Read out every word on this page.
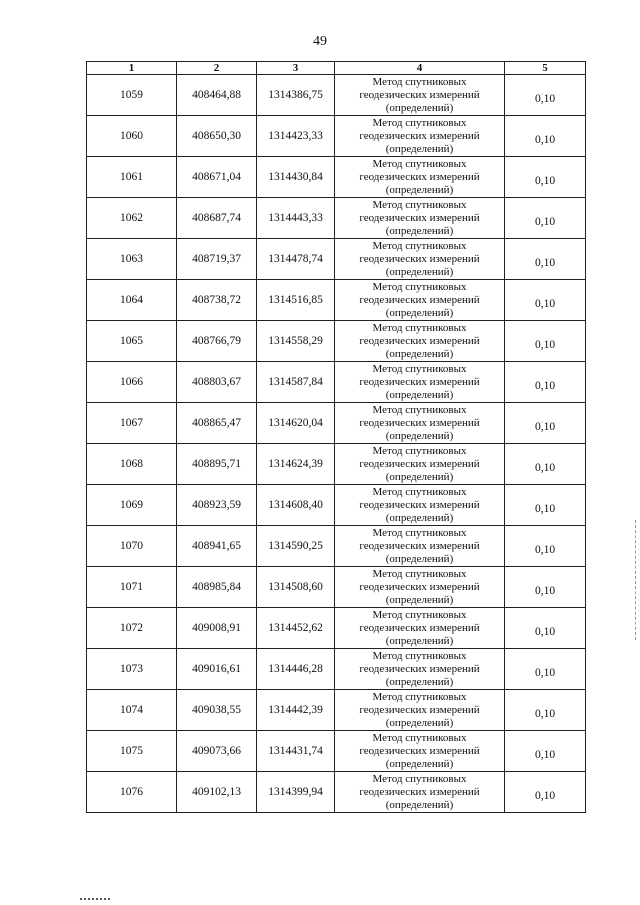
49
1	2	3	4	5
1059	408464,88	1314386,75	Метод спутниковых
геодезических измерений
(определений)	0,10
1060	408650,30	1314423,33	Метод спутниковых
геодезических измерений
(определений)	0,10
1061	408671,04	1314430,84	Метод спутниковых
геодезических измерений
(определений)	0,10
1062	408687,74	1314443,33	Метод спутниковых
геодезических измерений
(определений)	0,10
1063	408719,37	1314478,74	Метод спутниковых
геодезических измерений
(определений)	0,10
1064	408738,72	1314516,85	Метод спутниковых
геодезических измерений
(определений)	0,10
1065	408766,79	1314558,29	Метод спутниковых
геодезических измерений
(определений)	0,10
1066	408803,67	1314587,84	Метод спутниковых
геодезических измерений
(определений)	0,10
1067	408865,47	1314620,04	Метод спутниковых
геодезических измерений
(определений)	0,10
1068	408895,71	1314624,39	Метод спутниковых
геодезических измерений
(определений)	0,10
1069	408923,59	1314608,40	Метод спутниковых
геодезических измерений
(определений)	0,10
1070	408941,65	1314590,25	Метод спутниковых
геодезических измерений
(определений)	0,10
1071	408985,84	1314508,60	Метод спутниковых
геодезических измерений
(определений)	0,10
1072	409008,91	1314452,62	Метод спутниковых
геодезических измерений
(определений)	0,10
1073	409016,61	1314446,28	Метод спутниковых
геодезических измерений
(определений)	0,10
1074	409038,55	1314442,39	Метод спутниковых
геодезических измерений
(определений)	0,10
1075	409073,66	1314431,74	Метод спутниковых
геодезических измерений
(определений)	0,10
1076	409102,13	1314399,94	Метод спутниковых
геодезических измерений
(определений)	0,10
